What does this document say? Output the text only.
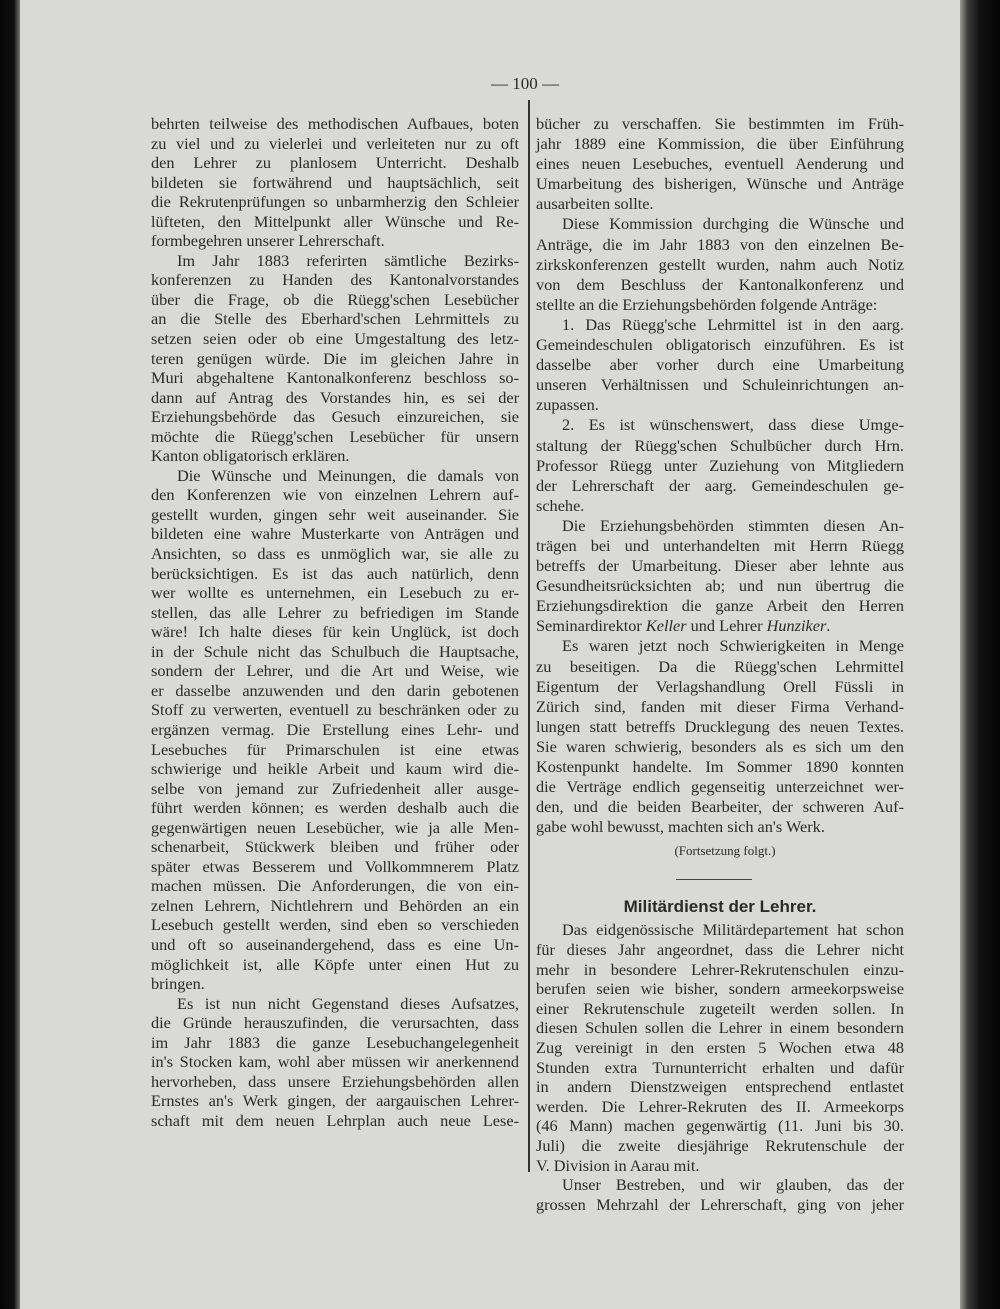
— 100 —
behrten teilweise des methodischen Aufbaues, boten
zu viel und zu vielerlei und verleiteten nur zu oft
den Lehrer zu planlosem Unterricht. Deshalb
bildeten sie fortwährend und hauptsächlich, seit
die Rekrutenprüfungen so unbarmherzig den Schleier
lüfteten, den Mittelpunkt aller Wünsche und Re-
formbegehren unserer Lehrerschaft.
Im Jahr 1883 referirten sämtliche Bezirks-
konferenzen zu Handen des Kantonalvorstandes
über die Frage, ob die Rüegg'schen Lesebücher
an die Stelle des Eberhard'schen Lehrmittels zu
setzen seien oder ob eine Umgestaltung des letz-
teren genügen würde. Die im gleichen Jahre in
Muri abgehaltene Kantonalkonferenz beschloss so-
dann auf Antrag des Vorstandes hin, es sei der
Erziehungsbehörde das Gesuch einzureichen, sie
möchte die Rüegg'schen Lesebücher für unsern
Kanton obligatorisch erklären.
Die Wünsche und Meinungen, die damals von
den Konferenzen wie von einzelnen Lehrern auf-
gestellt wurden, gingen sehr weit auseinander. Sie
bildeten eine wahre Musterkarte von Anträgen und
Ansichten, so dass es unmöglich war, sie alle zu
berücksichtigen. Es ist das auch natürlich, denn
wer wollte es unternehmen, ein Lesebuch zu er-
stellen, das alle Lehrer zu befriedigen im Stande
wäre! Ich halte dieses für kein Unglück, ist doch
in der Schule nicht das Schulbuch die Hauptsache,
sondern der Lehrer, und die Art und Weise, wie
er dasselbe anzuwenden und den darin gebotenen
Stoff zu verwerten, eventuell zu beschränken oder zu
ergänzen vermag. Die Erstellung eines Lehr- und
Lesebuches für Primarschulen ist eine etwas
schwierige und heikle Arbeit und kaum wird die-
selbe von jemand zur Zufriedenheit aller ausge-
führt werden können; es werden deshalb auch die
gegenwärtigen neuen Lesebücher, wie ja alle Men-
schenarbeit, Stückwerk bleiben und früher oder
später etwas Besserem und Vollkommnerem Platz
machen müssen. Die Anforderungen, die von ein-
zelnen Lehrern, Nichtlehrern und Behörden an ein
Lesebuch gestellt werden, sind eben so verschieden
und oft so auseinandergehend, dass es eine Un-
möglichkeit ist, alle Köpfe unter einen Hut zu
bringen.
Es ist nun nicht Gegenstand dieses Aufsatzes,
die Gründe herauszufinden, die verursachten, dass
im Jahr 1883 die ganze Lesebuchangelegenheit
in's Stocken kam, wohl aber müssen wir anerkennend
hervorheben, dass unsere Erziehungsbehörden allen
Ernstes an's Werk gingen, der aargauischen Lehrer-
schaft mit dem neuen Lehrplan auch neue Lese-
bücher zu verschaffen. Sie bestimmten im Früh-
jahr 1889 eine Kommission, die über Einführung
eines neuen Lesebuches, eventuell Aenderung und
Umarbeitung des bisherigen, Wünsche und Anträge
ausarbeiten sollte.
Diese Kommission durchging die Wünsche und
Anträge, die im Jahr 1883 von den einzelnen Be-
zirkskonferenzen gestellt wurden, nahm auch Notiz
von dem Beschluss der Kantonalkonferenz und
stellte an die Erziehungsbehörden folgende Anträge:
1. Das Rüegg'sche Lehrmittel ist in den aarg.
Gemeindeschulen obligatorisch einzuführen. Es ist
dasselbe aber vorher durch eine Umarbeitung
unseren Verhältnissen und Schuleinrichtungen an-
zupassen.
2. Es ist wünschenswert, dass diese Umge-
staltung der Rüegg'schen Schulbücher durch Hrn.
Professor Rüegg unter Zuziehung von Mitgliedern
der Lehrerschaft der aarg. Gemeindeschulen ge-
schehe.
Die Erziehungsbehörden stimmten diesen An-
trägen bei und unterhandelten mit Herrn Rüegg
betreffs der Umarbeitung. Dieser aber lehnte aus
Gesundheitsrücksichten ab; und nun übertrug die
Erziehungsdirektion die ganze Arbeit den Herren
Seminardirektor Keller und Lehrer Hunziker.
Es waren jetzt noch Schwierigkeiten in Menge
zu beseitigen. Da die Rüegg'schen Lehrmittel
Eigentum der Verlagshandlung Orell Füssli in
Zürich sind, fanden mit dieser Firma Verhand-
lungen statt betreffs Drucklegung des neuen Textes.
Sie waren schwierig, besonders als es sich um den
Kostenpunkt handelte. Im Sommer 1890 konnten
die Verträge endlich gegenseitig unterzeichnet wer-
den, und die beiden Bearbeiter, der schweren Auf-
gabe wohl bewusst, machten sich an's Werk.
(Fortsetzung folgt.)
Militärdienst der Lehrer.
Das eidgenössische Militärdepartement hat schon
für dieses Jahr angeordnet, dass die Lehrer nicht
mehr in besondere Lehrer-Rekrutenschulen einzu-
berufen seien wie bisher, sondern armeekorpsweise
einer Rekrutenschule zugeteilt werden sollen. In
diesen Schulen sollen die Lehrer in einem besondern
Zug vereinigt in den ersten 5 Wochen etwa 48
Stunden extra Turnunterricht erhalten und dafür
in andern Dienstzweigen entsprechend entlastet
werden. Die Lehrer-Rekruten des II. Armeekorps
(46 Mann) machen gegenwärtig (11. Juni bis 30.
Juli) die zweite diesjährige Rekrutenschule der
V. Division in Aarau mit.
Unser Bestreben, und wir glauben, das der
grossen Mehrzahl der Lehrerschaft, ging von jeher
